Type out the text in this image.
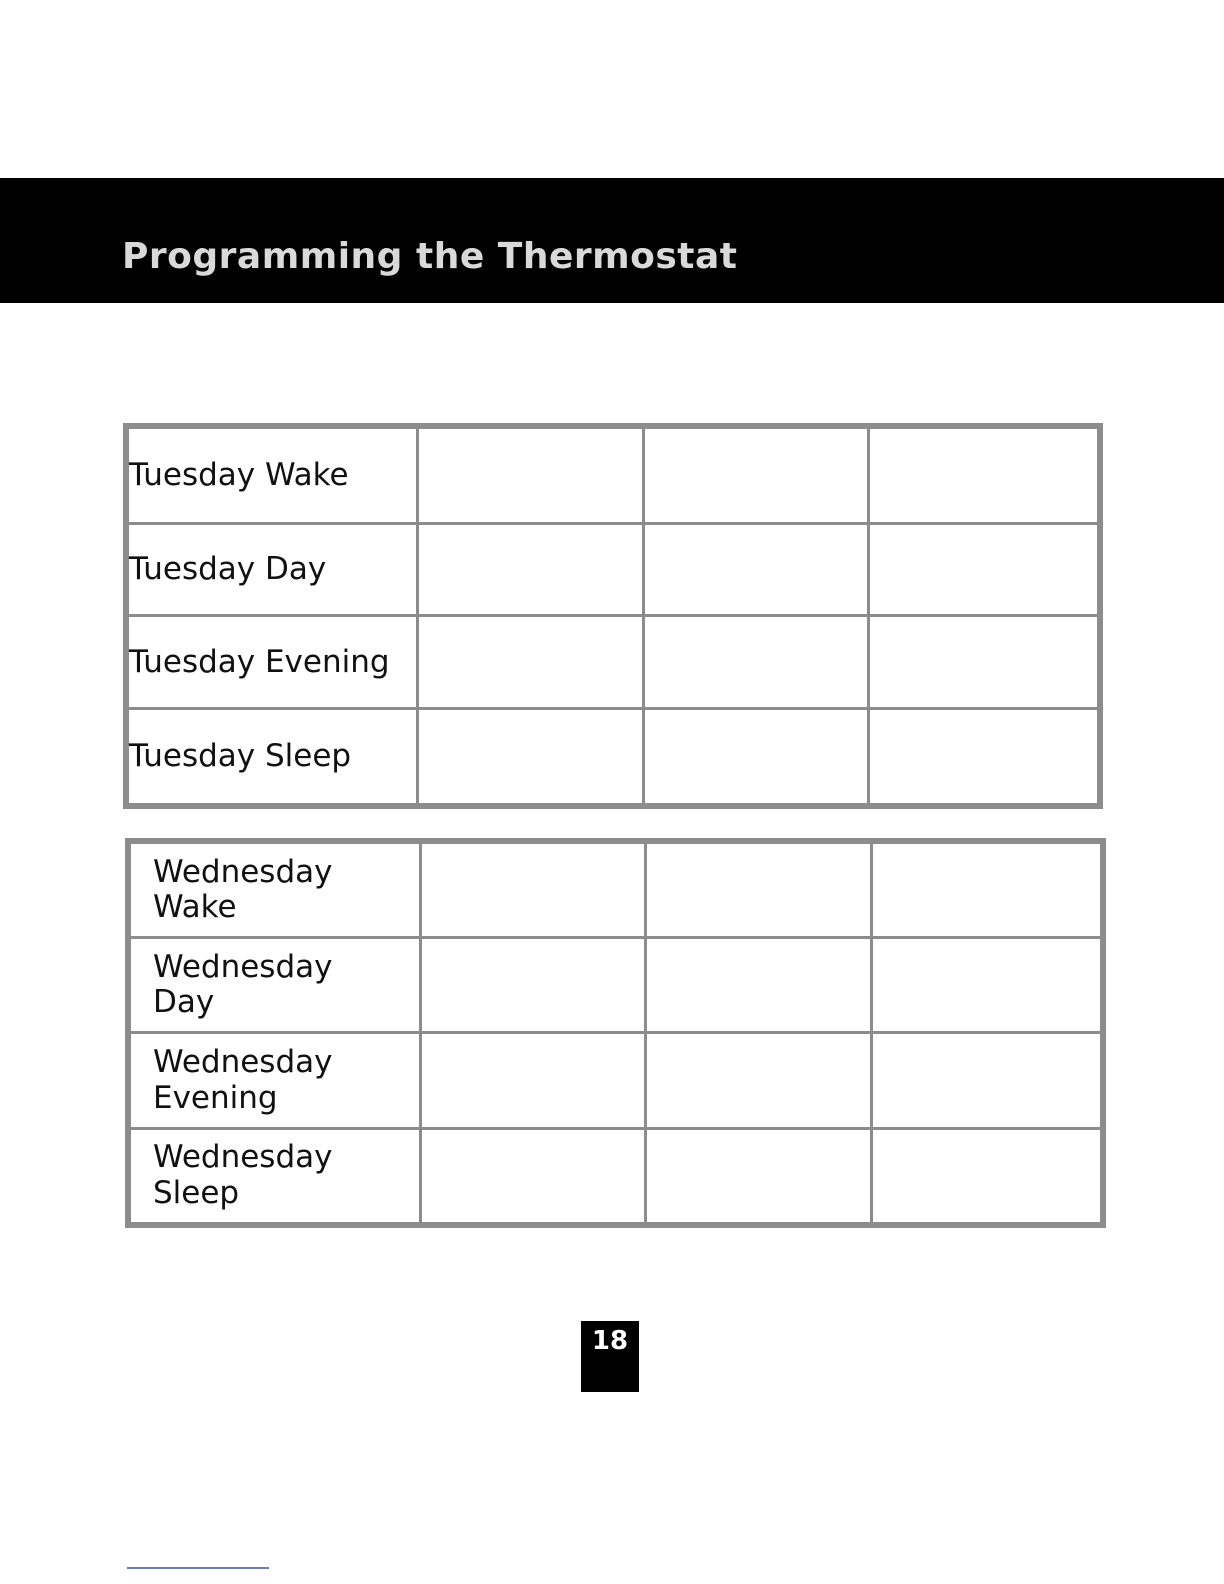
Programming the Thermostat
Tuesday Wake			
Tuesday Day			
Tuesday Evening			
Tuesday Sleep			
Wednesday Wake			
Wednesday Day			
Wednesday Evening			
Wednesday Sleep			
18
